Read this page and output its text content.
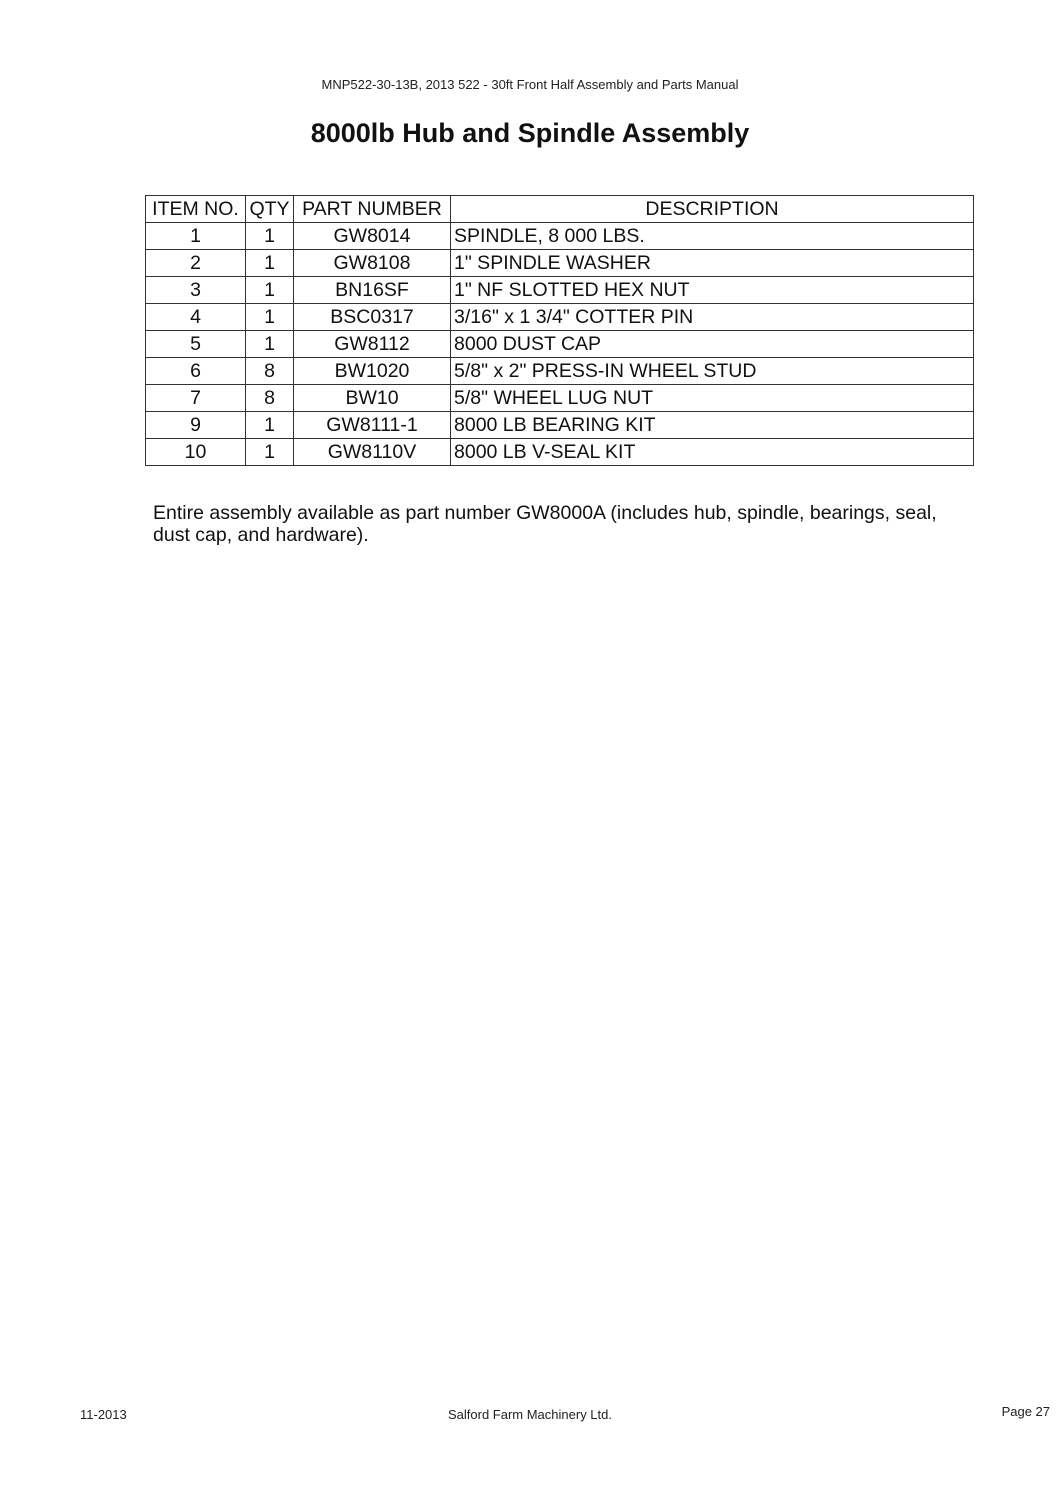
MNP522-30-13B, 2013 522 - 30ft Front Half Assembly and Parts Manual
8000lb Hub and Spindle Assembly
ITEM NO.	QTY	PART NUMBER	DESCRIPTION
1	1	GW8014	SPINDLE, 8 000 LBS.
2	1	GW8108	1" SPINDLE WASHER
3	1	BN16SF	1" NF SLOTTED HEX NUT
4	1	BSC0317	3/16" x 1 3/4" COTTER PIN
5	1	GW8112	8000 DUST CAP
6	8	BW1020	5/8" x 2" PRESS-IN WHEEL STUD
7	8	BW10	5/8" WHEEL LUG NUT
9	1	GW8111-1	8000 LB BEARING KIT
10	1	GW8110V	8000 LB V-SEAL KIT
Entire assembly available as part number GW8000A (includes hub, spindle, bearings, seal, dust cap, and hardware).
11-2013	Salford Farm Machinery Ltd.	Page 27
